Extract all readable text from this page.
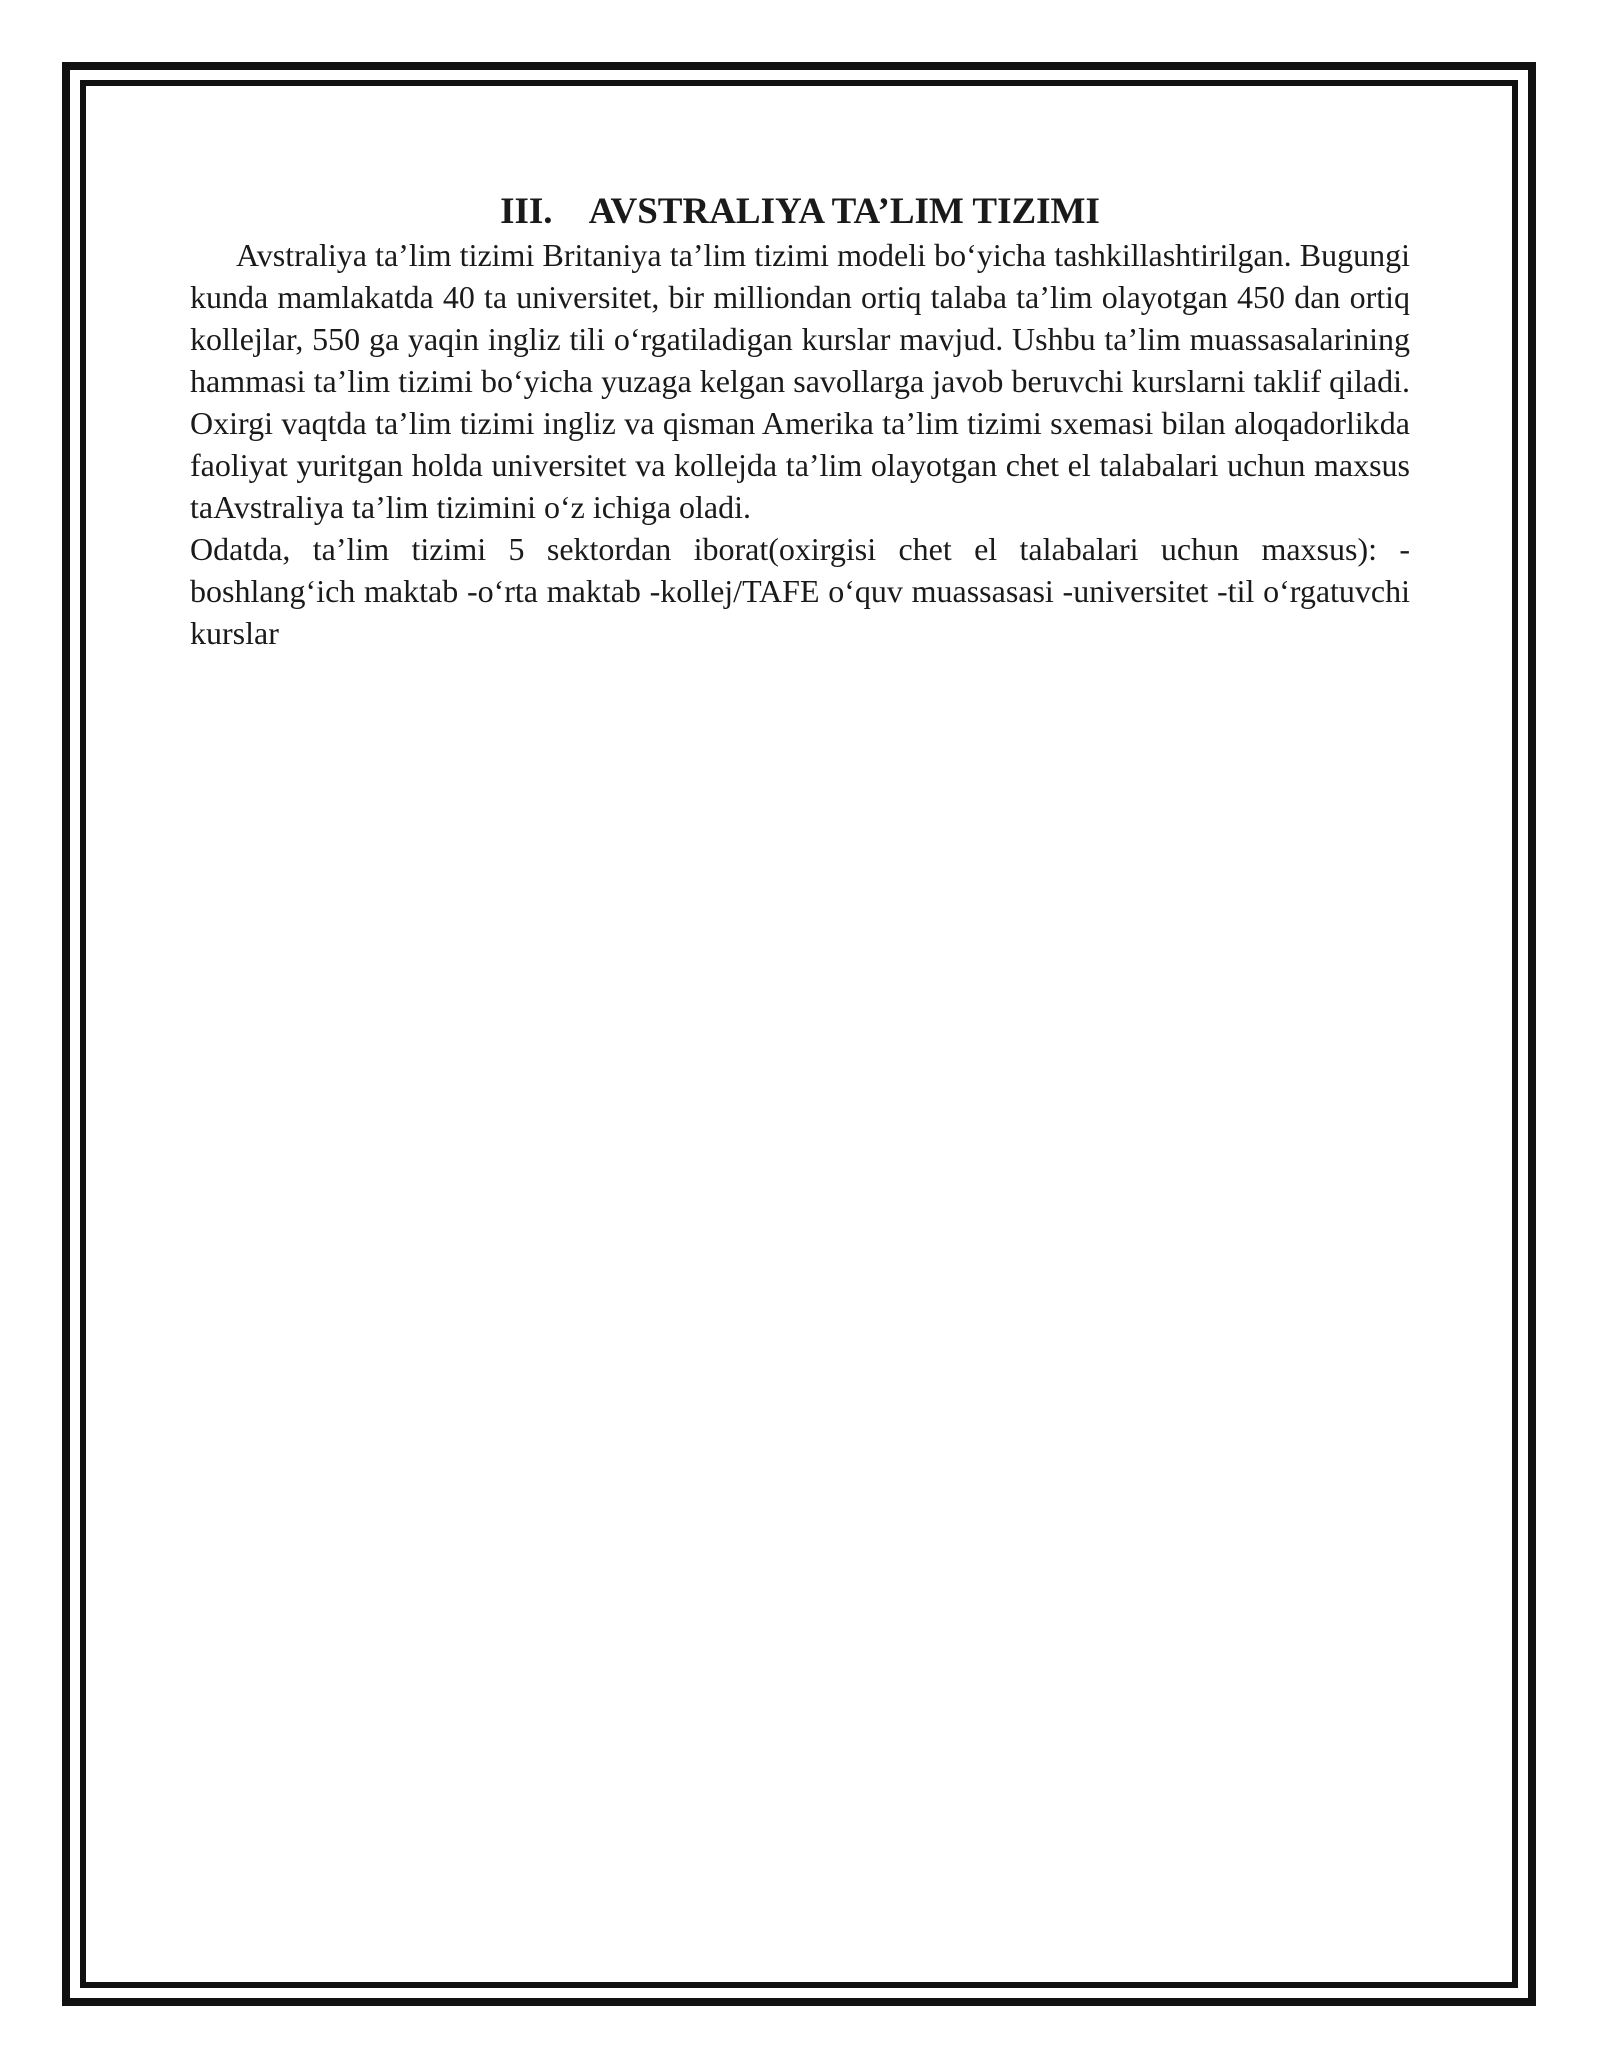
III. AVSTRALIYA TA’LIM TIZIMI

Avstraliya ta’lim tizimi Britaniya ta’lim tizimi modeli bo‘yicha tashkillashtirilgan. Bugungi kunda mamlakatda 40 ta universitet, bir milliondan ortiq talaba ta’lim olayotgan 450 dan ortiq kollejlar, 550 ga yaqin ingliz tili o‘rgatiladigan kurslar mavjud. Ushbu ta’lim muassasalarining hammasi ta’lim tizimi bo‘yicha yuzaga kelgan savollarga javob beruvchi kurslarni taklif qiladi. Oxirgi vaqtda ta’lim tizimi ingliz va qisman Amerika ta’lim tizimi sxemasi bilan aloqadorlikda faoliyat yuritgan holda universitet va kollejda ta’lim olayotgan chet el talabalari uchun maxsus taAvstraliya ta’lim tizimini o‘z ichiga oladi.

Odatda, ta’lim tizimi 5 sektordan iborat(oxirgisi chet el talabalari uchun maxsus): -boshlang‘ich maktab -o‘rta maktab -kollej/TAFE o‘quv muassasasi -universitet -til o‘rgatuvchi kurslar
